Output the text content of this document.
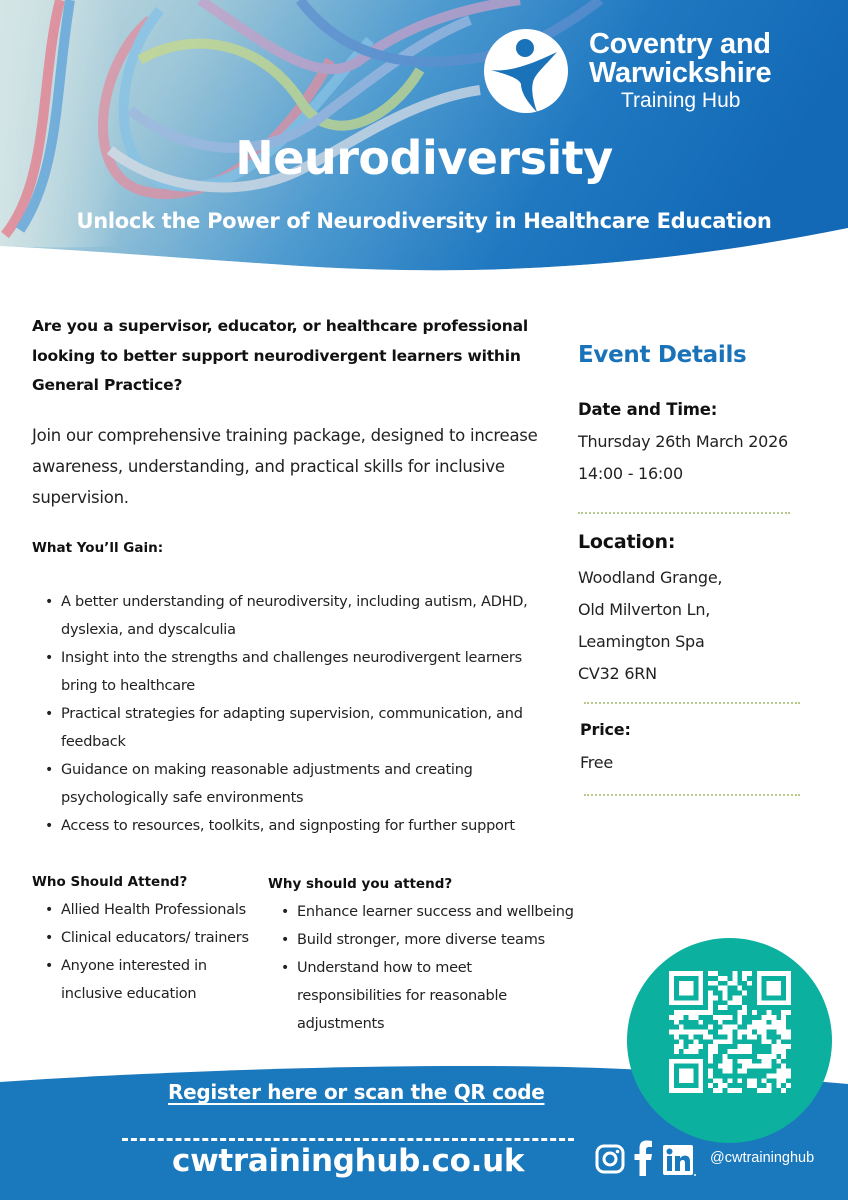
Coventry and
Warwickshire
Training Hub
Neurodiversity
Unlock the Power of Neurodiversity in Healthcare Education
Are you a supervisor, educator, or healthcare professional looking to better support neurodivergent learners within General Practice?
Join our comprehensive training package, designed to increase awareness, understanding, and practical skills for inclusive supervision.
What You’ll Gain:
• A better understanding of neurodiversity, including autism, ADHD, dyslexia, and dyscalculia
• Insight into the strengths and challenges neurodivergent learners bring to healthcare
• Practical strategies for adapting supervision, communication, and feedback
• Guidance on making reasonable adjustments and creating psychologically safe environments
• Access to resources, toolkits, and signposting for further support
Who Should Attend?
• Allied Health Professionals
• Clinical educators/ trainers
• Anyone interested in inclusive education
Why should you attend?
• Enhance learner success and wellbeing
• Build stronger, more diverse teams
• Understand how to meet responsibilities for reasonable adjustments
Event Details
Date and Time:
Thursday 26th March 2026
14:00 - 16:00
Location:
Woodland Grange,
Old Milverton Ln,
Leamington Spa
CV32 6RN
Price:
Free
Register here or scan the QR code
cwtraininghub.co.uk	@cwtraininghub
